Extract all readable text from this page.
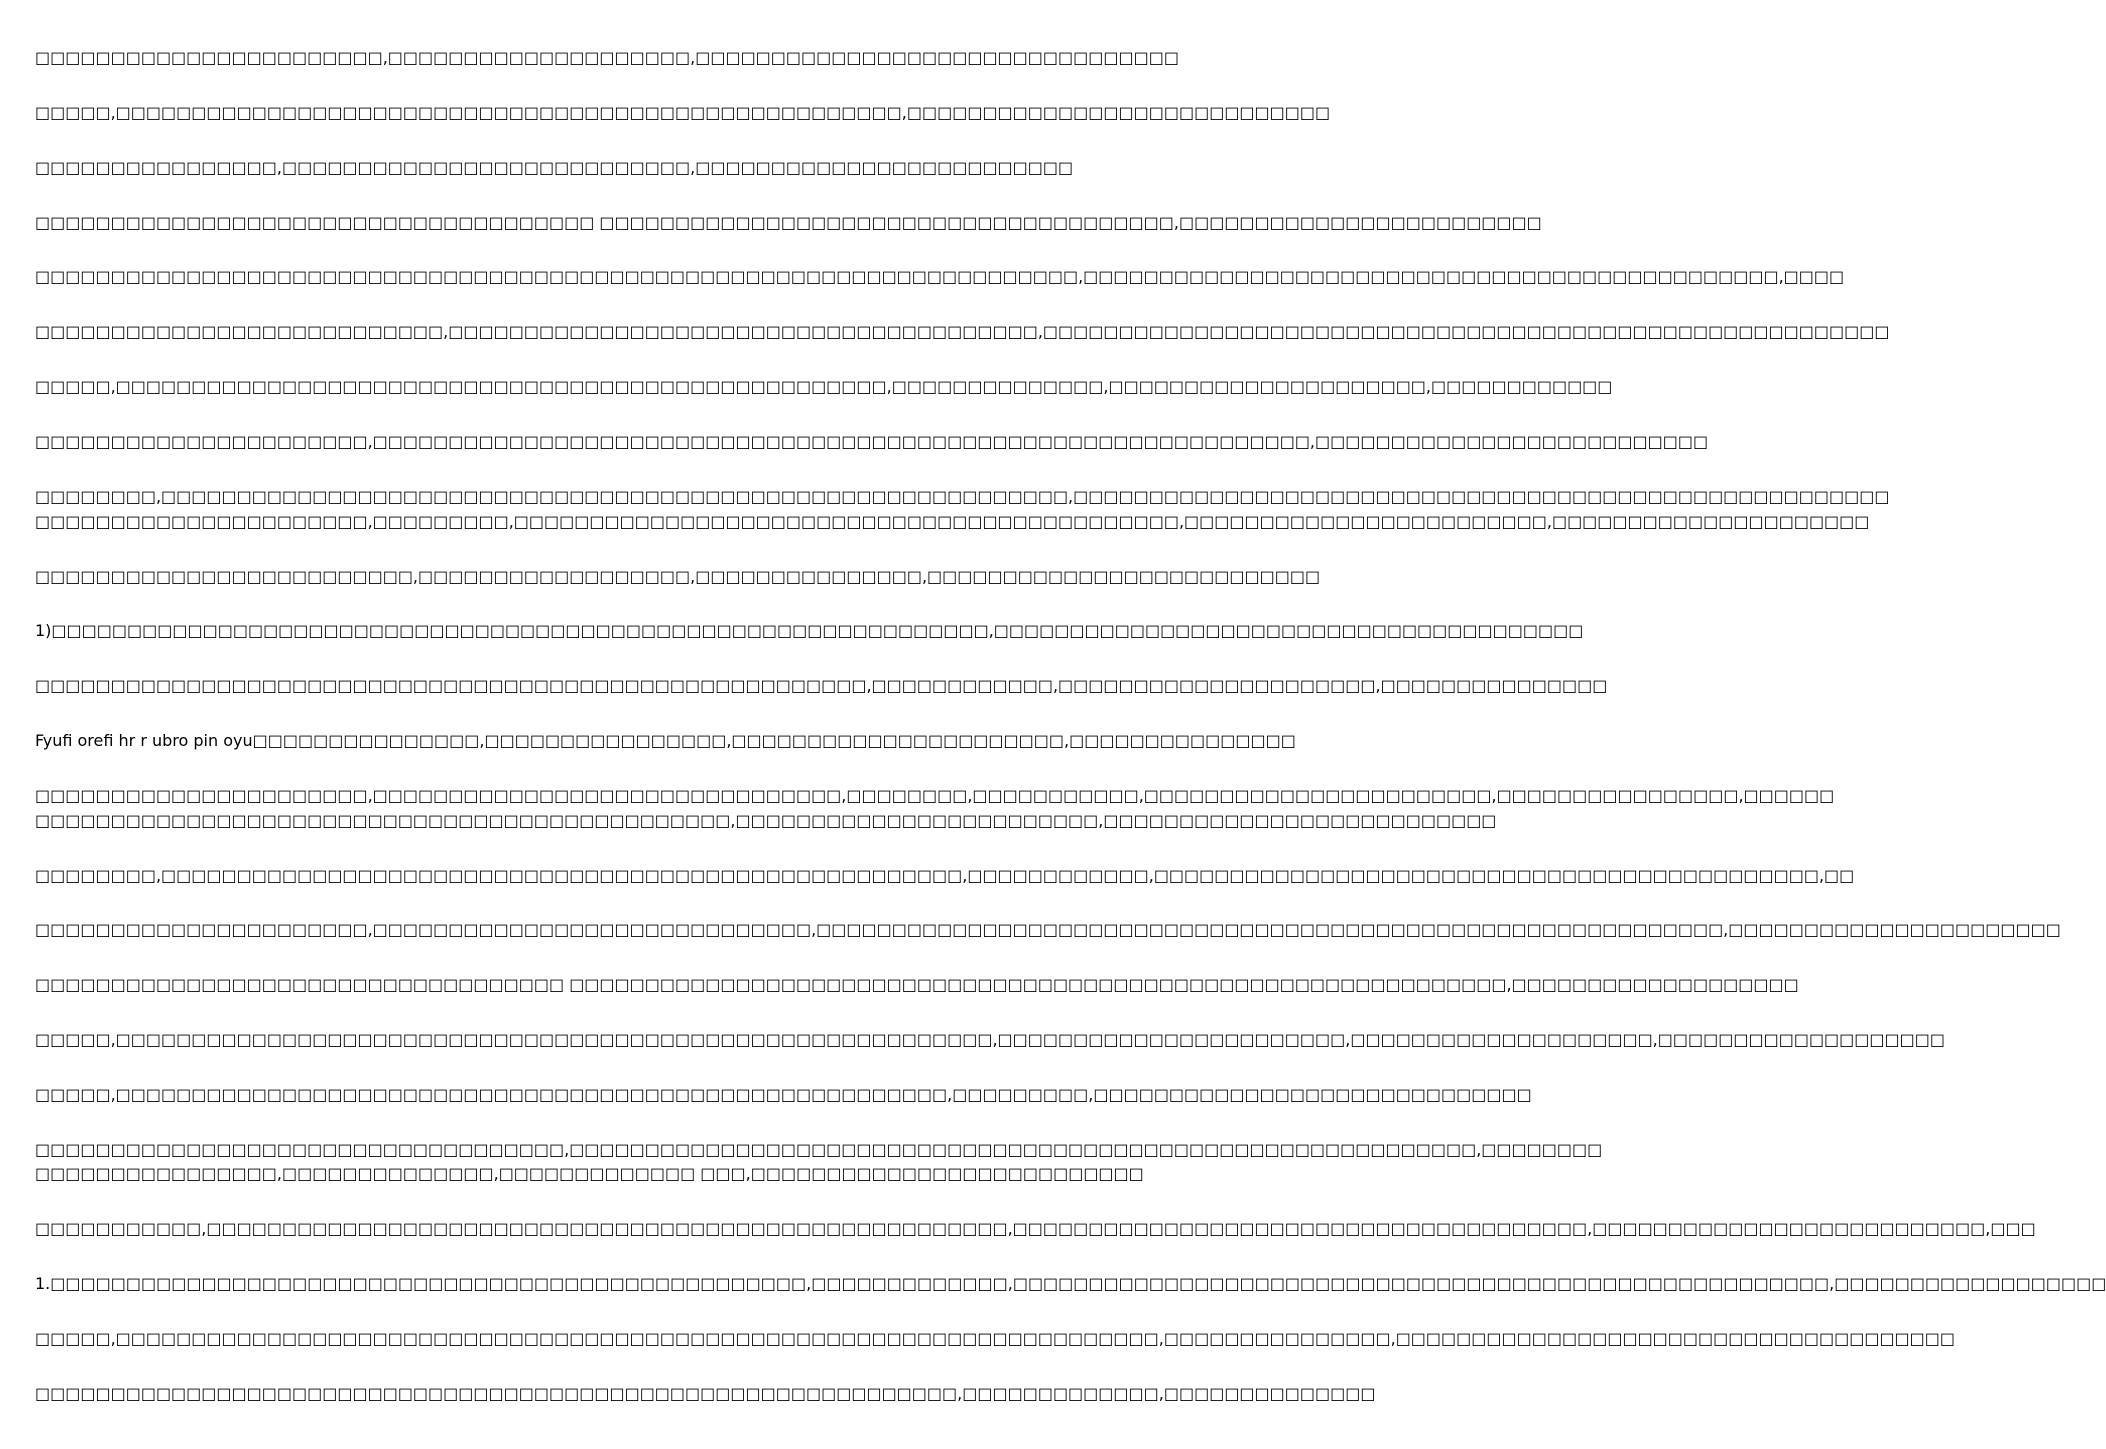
□□□□□□□□□□□□□□□□□□□□□□□,□□□□□□□□□□□□□□□□□□□□,□□□□□□□□□□□□□□□□□□□□□□□□□□□□□□□□
□□□□□,□□□□□□□□□□□□□□□□□□□□□□□□□□□□□□□□□□□□□□□□□□□□□□□□□□□□,□□□□□□□□□□□□□□□□□□□□□□□□□□□□
□□□□□□□□□□□□□□□□,□□□□□□□□□□□□□□□□□□□□□□□□□□□,□□□□□□□□□□□□□□□□□□□□□□□□□
□□□□□□□□□□□□□□□□□□□□□□□□□□□□□□□□□□□□□ □□□□□□□□□□□□□□□□□□□□□□□□□□□□□□□□□□□□□□,□□□□□□□□□□□□□□□□□□□□□□□□
□□□□□□□□□□□□□□□□□□□□□□□□□□□□□□□□□□□□□□□□□□□□□□□□□□□□□□□□□□□□□□□□□□□□□,□□□□□□□□□□□□□□□□□□□□□□□□□□□□□□□□□□□□□□□□□□□□□□,□□□□
□□□□□□□□□□□□□□□□□□□□□□□□□□□,□□□□□□□□□□□□□□□□□□□□□□□□□□□□□□□□□□□□□□□,□□□□□□□□□□□□□□□□□□□□□□□□□□□□□□□□□□□□□□□□□□□□□□□□□□□□□□□□
□□□□□,□□□□□□□□□□□□□□□□□□□□□□□□□□□□□□□□□□□□□□□□□□□□□□□□□□□,□□□□□□□□□□□□□□,□□□□□□□□□□□□□□□□□□□□□,□□□□□□□□□□□□
□□□□□□□□□□□□□□□□□□□□□□,□□□□□□□□□□□□□□□□□□□□□□□□□□□□□□□□□□□□□□□□□□□□□□□□□□□□□□□□□□□□□□,□□□□□□□□□□□□□□□□□□□□□□□□□□
□□□□□□□□,□□□□□□□□□□□□□□□□□□□□□□□□□□□□□□□□□□□□□□□□□□□□□□□□□□□□□□□□□□□□,□□□□□□□□□□□□□□□□□□□□□□□□□□□□□□□□□□□□□□□□□□□□□□□□□□□□□□
□□□□□□□□□□□□□□□□□□□□□□,□□□□□□□□□,□□□□□□□□□□□□□□□□□□□□□□□□□□□□□□□□□□□□□□□□□□□□,□□□□□□□□□□□□□□□□□□□□□□□□,□□□□□□□□□□□□□□□□□□□□□
□□□□□□□□□□□□□□□□□□□□□□□□□,□□□□□□□□□□□□□□□□□□,□□□□□□□□□□□□□□□,□□□□□□□□□□□□□□□□□□□□□□□□□□
1)□□□□□□□□□□□□□□□□□□□□□□□□□□□□□□□□□□□□□□□□□□□□□□□□□□□□□□□□□□□□□□,□□□□□□□□□□□□□□□□□□□□□□□□□□□□□□□□□□□□□□□
□□□□□□□□□□□□□□□□□□□□□□□□□□□□□□□□□□□□□□□□□□□□□□□□□□□□□□□,□□□□□□□□□□□□,□□□□□□□□□□□□□□□□□□□□□,□□□□□□□□□□□□□□□
Fyufi orefi hr r ubro pin oyu□□□□□□□□□□□□□□□,□□□□□□□□□□□□□□□□,□□□□□□□□□□□□□□□□□□□□□□,□□□□□□□□□□□□□□□
□□□□□□□□□□□□□□□□□□□□□□,□□□□□□□□□□□□□□□□□□□□□□□□□□□□□□□,□□□□□□□□,□□□□□□□□□□□,□□□□□□□□□□□□□□□□□□□□□□□,□□□□□□□□□□□□□□□□,□□□□□□
□□□□□□□□□□□□□□□□□□□□□□□□□□□□□□□□□□□□□□□□□□□□□□,□□□□□□□□□□□□□□□□□□□□□□□□,□□□□□□□□□□□□□□□□□□□□□□□□□□
□□□□□□□□,□□□□□□□□□□□□□□□□□□□□□□□□□□□□□□□□□□□□□□□□□□□□□□□□□□□□□,□□□□□□□□□□□□,□□□□□□□□□□□□□□□□□□□□□□□□□□□□□□□□□□□□□□□□□□□□,□□
□□□□□□□□□□□□□□□□□□□□□□,□□□□□□□□□□□□□□□□□□□□□□□□□□□□□,□□□□□□□□□□□□□□□□□□□□□□□□□□□□□□□□□□□□□□□□□□□□□□□□□□□□□□□□□□□□,□□□□□□□□□□□□□□□□□□□□□□
□□□□□□□□□□□□□□□□□□□□□□□□□□□□□□□□□□□ □□□□□□□□□□□□□□□□□□□□□□□□□□□□□□□□□□□□□□□□□□□□□□□□□□□□□□□□□□□□□□,□□□□□□□□□□□□□□□□□□□
□□□□□,□□□□□□□□□□□□□□□□□□□□□□□□□□□□□□□□□□□□□□□□□□□□□□□□□□□□□□□□□□,□□□□□□□□□□□□□□□□□□□□□□□,□□□□□□□□□□□□□□□□□□□□,□□□□□□□□□□□□□□□□□□□
□□□□□,□□□□□□□□□□□□□□□□□□□□□□□□□□□□□□□□□□□□□□□□□□□□□□□□□□□□□□□,□□□□□□□□□,□□□□□□□□□□□□□□□□□□□□□□□□□□□□□
□□□□□□□□□□□□□□□□□□□□□□□□□□□□□□□□□□□,□□□□□□□□□□□□□□□□□□□□□□□□□□□□□□□□□□□□□□□□□□□□□□□□□□□□□□□□□□□□,□□□□□□□□
□□□□□□□□□□□□□□□□,□□□□□□□□□□□□□□,□□□□□□□□□□□□□ □□□,□□□□□□□□□□□□□□□□□□□□□□□□□□
□□□□□□□□□□□,□□□□□□□□□□□□□□□□□□□□□□□□□□□□□□□□□□□□□□□□□□□□□□□□□□□□□,□□□□□□□□□□□□□□□□□□□□□□□□□□□□□□□□□□□□□□,□□□□□□□□□□□□□□□□□□□□□□□□□□,□□□
1.□□□□□□□□□□□□□□□□□□□□□□□□□□□□□□□□□□□□□□□□□□□□□□□□□□,□□□□□□□□□□□□□,□□□□□□□□□□□□□□□□□□□□□□□□□□□□□□□□□□□□□□□□□□□□□□□□□□□□□□,□□□□□□□□□□□□□□□□□□
□□□□□,□□□□□□□□□□□□□□□□□□□□□□□□□□□□□□□□□□□□□□□□□□□□□□□□□□□□□□□□□□□□□□□□□□□□□,□□□□□□□□□□□□□□□,□□□□□□□□□□□□□□□□□□□□□□□□□□□□□□□□□□□□□
□□□□□□□□□□□□□□□□□□□□□□□□□□□□□□□□□□□□□□□□□□□□□□□□□□□□□□□□□□□□□,□□□□□□□□□□□□□,□□□□□□□□□□□□□□
